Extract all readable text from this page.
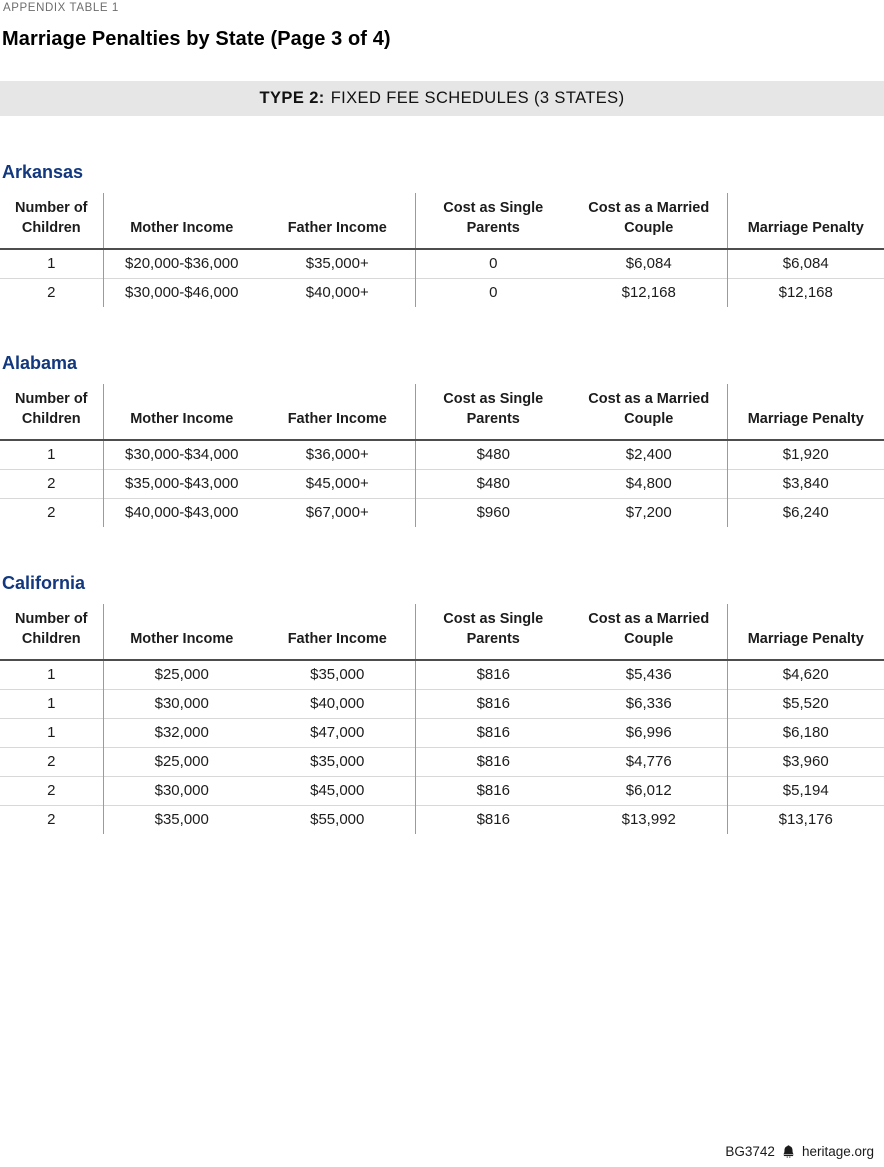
APPENDIX TABLE 1
Marriage Penalties by State (Page 3 of 4)
TYPE 2: FIXED FEE SCHEDULES (3 STATES)
Arkansas
Number of Children	Mother Income	Father Income	Cost as Single Parents	Cost as a Married Couple	Marriage Penalty
1	$20,000-$36,000	$35,000+	0	$6,084	$6,084
2	$30,000-$46,000	$40,000+	0	$12,168	$12,168
Alabama
Number of Children	Mother Income	Father Income	Cost as Single Parents	Cost as a Married Couple	Marriage Penalty
1	$30,000-$34,000	$36,000+	$480	$2,400	$1,920
2	$35,000-$43,000	$45,000+	$480	$4,800	$3,840
2	$40,000-$43,000	$67,000+	$960	$7,200	$6,240
California
Number of Children	Mother Income	Father Income	Cost as Single Parents	Cost as a Married Couple	Marriage Penalty
1	$25,000	$35,000	$816	$5,436	$4,620
1	$30,000	$40,000	$816	$6,336	$5,520
1	$32,000	$47,000	$816	$6,996	$6,180
2	$25,000	$35,000	$816	$4,776	$3,960
2	$30,000	$45,000	$816	$6,012	$5,194
2	$35,000	$55,000	$816	$13,992	$13,176
BG3742 heritage.org
